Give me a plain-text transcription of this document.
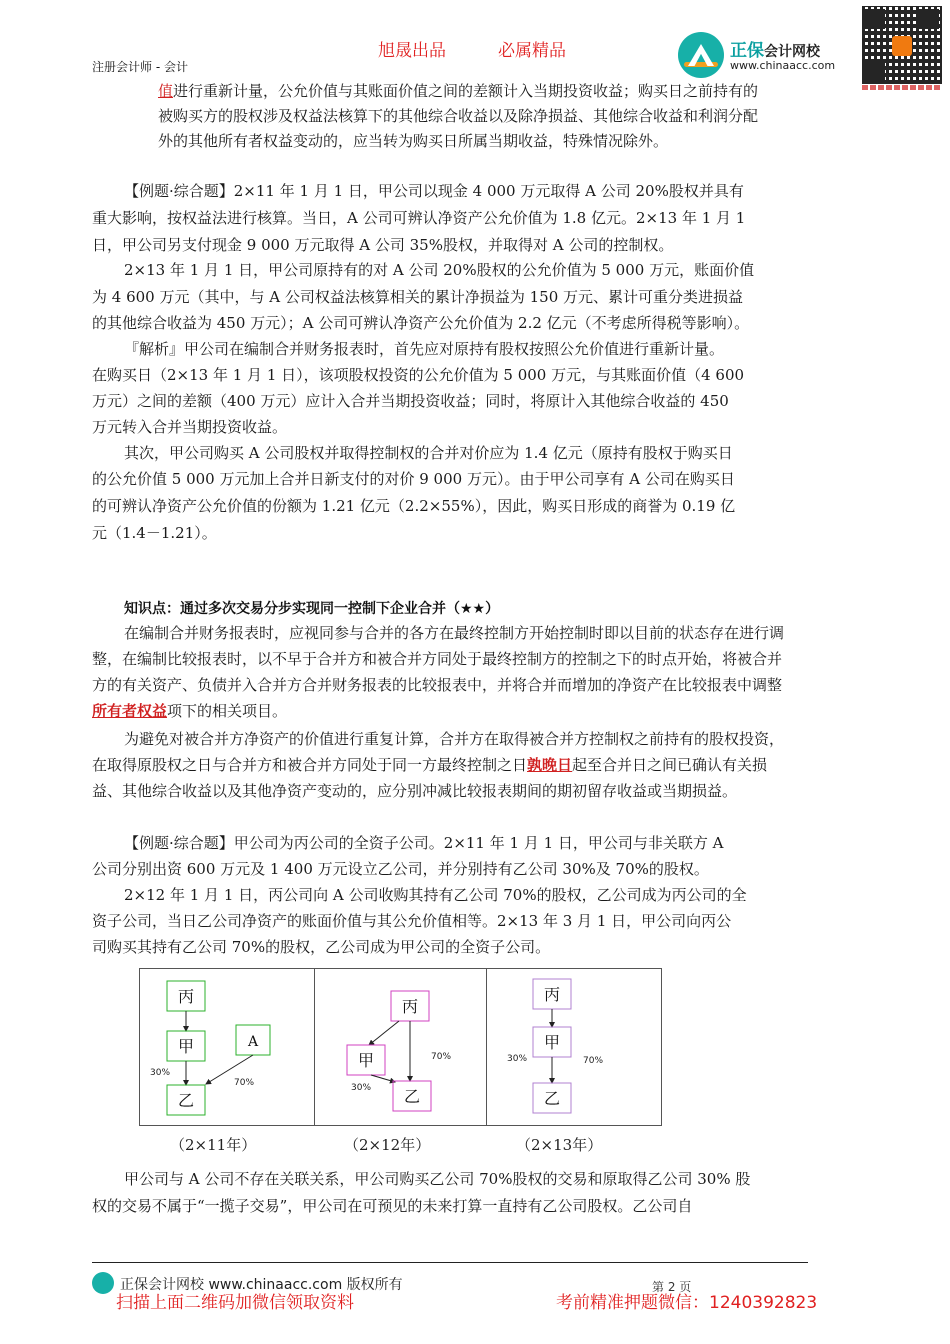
旭晟出品	必属精品
注册会计师 - 会计
正保会计网校
www.chinaacc.com
值进行重新计量，公允价值与其账面价值之间的差额计入当期投资收益；购买日之前持有的
被购买方的股权涉及权益法核算下的其他综合收益以及除净损益、其他综合收益和利润分配
外的其他所有者权益变动的，应当转为购买日所属当期收益，特殊情况除外。
【例题·综合题】2×11 年 1 月 1 日，甲公司以现金 4 000 万元取得 A 公司 20%股权并具有
重大影响，按权益法进行核算。当日，A 公司可辨认净资产公允价值为 1.8 亿元。2×13 年 1 月 1
日，甲公司另支付现金 9 000 万元取得 A 公司 35%股权，并取得对 A 公司的控制权。
2×13 年 1 月 1 日，甲公司原持有的对 A 公司 20%股权的公允价值为 5 000 万元，账面价值
为 4 600 万元（其中，与 A 公司权益法核算相关的累计净损益为 150 万元、累计可重分类进损益
的其他综合收益为 450 万元）；A 公司可辨认净资产公允价值为 2.2 亿元（不考虑所得税等影响）。
『解析』甲公司在编制合并财务报表时，首先应对原持有股权按照公允价值进行重新计量。
在购买日（2×13 年 1 月 1 日），该项股权投资的公允价值为 5 000 万元，与其账面价值（4 600
万元）之间的差额（400 万元）应计入合并当期投资收益；同时，将原计入其他综合收益的 450
万元转入合并当期投资收益。
其次，甲公司购买 A 公司股权并取得控制权的合并对价应为 1.4 亿元（原持有股权于购买日
的公允价值 5 000 万元加上合并日新支付的对价 9 000 万元）。由于甲公司享有 A 公司在购买日
的可辨认净资产公允价值的份额为 1.21 亿元（2.2×55%），因此，购买日形成的商誉为 0.19 亿
元（1.4－1.21）。
知识点：通过多次交易分步实现同一控制下企业合并（★★）
在编制合并财务报表时，应视同参与合并的各方在最终控制方开始控制时即以目前的状态存在进行调
整，在编制比较报表时，以不早于合并方和被合并方同处于最终控制方的控制之下的时点开始，将被合并
方的有关资产、负债并入合并方合并财务报表的比较报表中，并将合并而增加的净资产在比较报表中调整
所有者权益项下的相关项目。
为避免对被合并方净资产的价值进行重复计算，合并方在取得被合并方控制权之前持有的股权投资，
在取得原股权之日与合并方和被合并方同处于同一方最终控制之日孰晚日起至合并日之间已确认有关损
益、其他综合收益以及其他净资产变动的，应分别冲减比较报表期间的期初留存收益或当期损益。
【例题·综合题】甲公司为丙公司的全资子公司。2×11 年 1 月 1 日，甲公司与非关联方 A
公司分别出资 600 万元及 1 400 万元设立乙公司，并分别持有乙公司 30%及 70%的股权。
2×12 年 1 月 1 日，丙公司向 A 公司收购其持有乙公司 70%的股权，乙公司成为丙公司的全
资子公司，当日乙公司净资产的账面价值与其公允价值相等。2×13 年 3 月 1 日，甲公司向丙公
司购买其持有乙公司 70%的股权，乙公司成为甲公司的全资子公司。
丙
甲	A
乙
30%
70%
（2×11年）
丙
甲
乙
30%
70%
（2×12年）
丙
甲
乙
30%	70%
（2×13年）
甲公司与 A 公司不存在关联关系，甲公司购买乙公司 70%股权的交易和原取得乙公司 30% 股
权的交易不属于“一揽子交易”，甲公司在可预见的未来打算一直持有乙公司股权。乙公司自
正保会计网校 www.chinaacc.com 版权所有	第 2 页
扫描上面二维码加微信领取资料	考前精准押题微信：1240392823
